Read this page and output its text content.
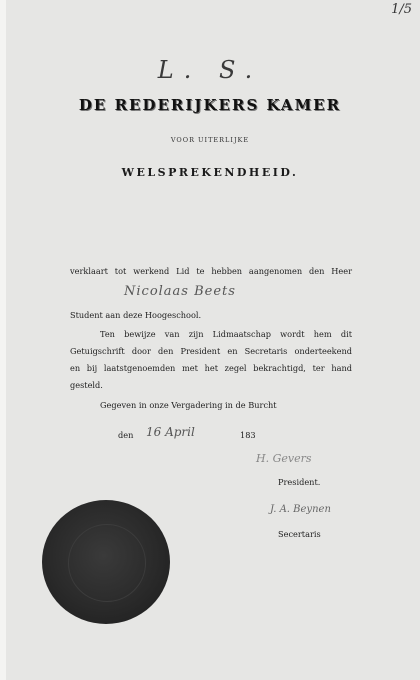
1/5
L. S.
DE REDERIJKERS KAMER
VOOR UITERLIJKE
WELSPREKENDHEID.
verklaart tot werkend Lid te hebben aangenomen den Heer
Nicolaas Beets
Student aan deze Hoogeschool.
Ten bewijze van zijn Lidmaatschap wordt hem dit
Getuigschrift door den President en Secretaris onderteekend
en bij laatstgenoemden met het zegel bekrachtigd, ter hand
gesteld.
Gegeven in onze Vergadering in de Burcht
den 16 April	183
H. Gevers
President.
J. A. Beynen
Secertaris
